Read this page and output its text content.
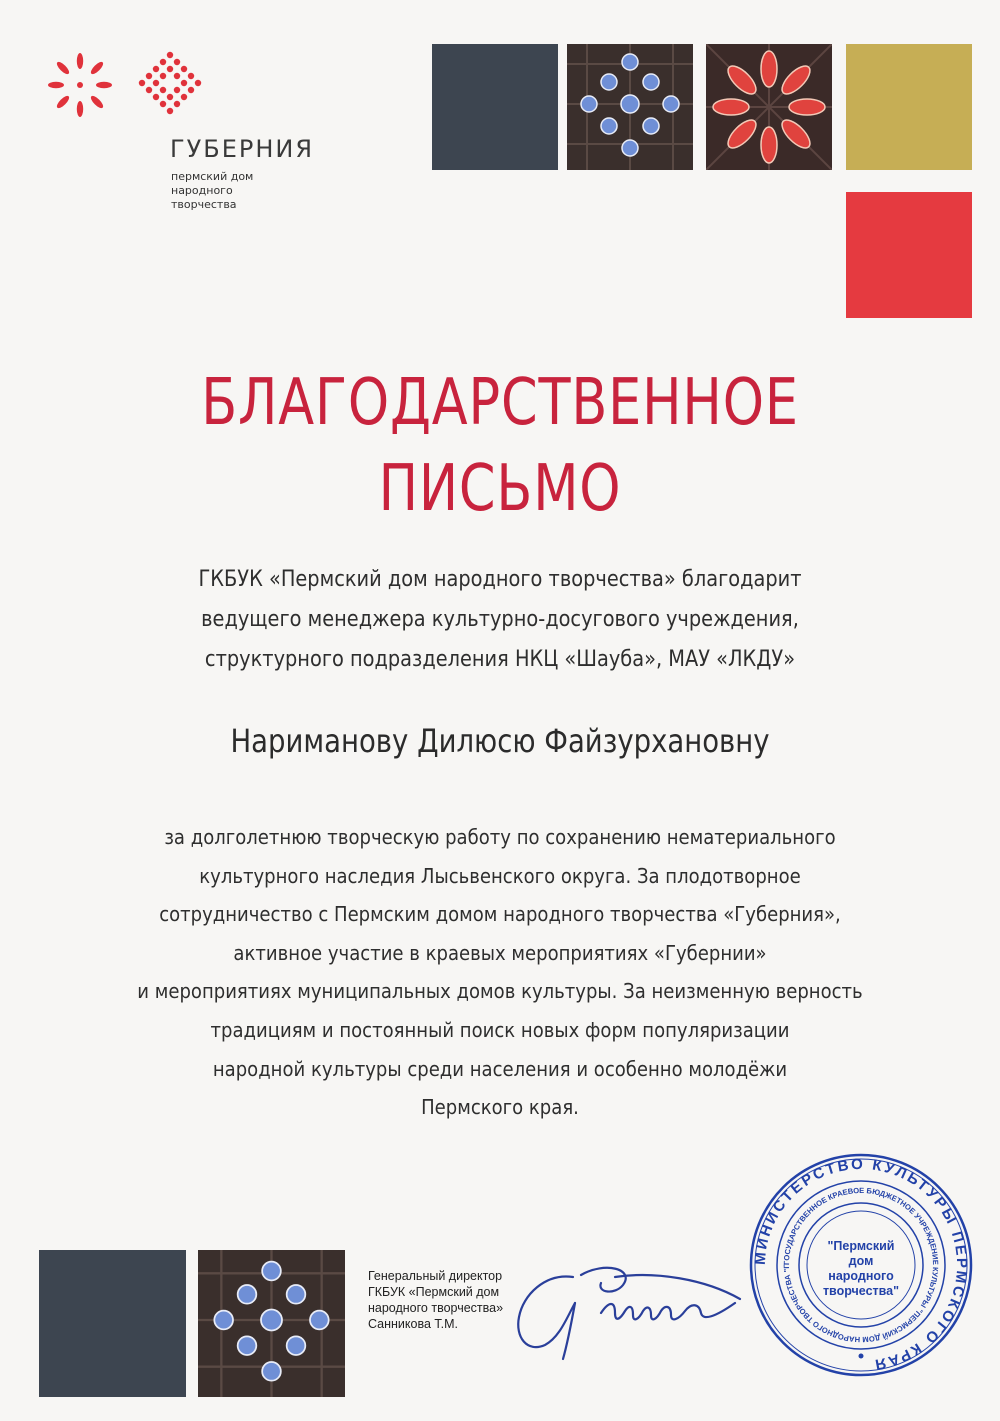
ГУБЕРНИЯ

пермский дом
народного
творчества

БЛАГОДАРСТВЕННОЕ
ПИСЬМО

ГКБУК «Пермский дом народного творчества» благодарит
ведущего менеджера культурно-досугового учреждения,
структурного подразделения НКЦ «Шауба», МАУ «ЛКДУ»

Нариманову Дилюсю Файзурхановну

за долголетнюю творческую работу по сохранению нематериального
культурного наследия Лысьвенского округа. За плодотворное
сотрудничество с Пермским домом народного творчества «Губерния»,
активное участие в краевых мероприятиях «Губернии»
и мероприятиях муниципальных домов культуры. За неизменную верность
традициям и постоянный поиск новых форм популяризации
народной культуры среди населения и особенно молодёжи
Пермского края.

Генеральный директор
ГКБУК «Пермский дом
народного творчества»
Санникова Т.М.
МИНИСТЕРСТВО КУЛЬТУРЫ ПЕРМСКОГО КРАЯ
ГОСУДАРСТВЕННОЕ КРАЕВОЕ БЮДЖЕТНОЕ УЧРЕЖДЕНИЕ КУЛЬТУРЫ "ПЕРМСКИЙ ДОМ НАРОДНОГО ТВОРЧЕСТВА "Г
"Пермский
дом
народного
творчества"
